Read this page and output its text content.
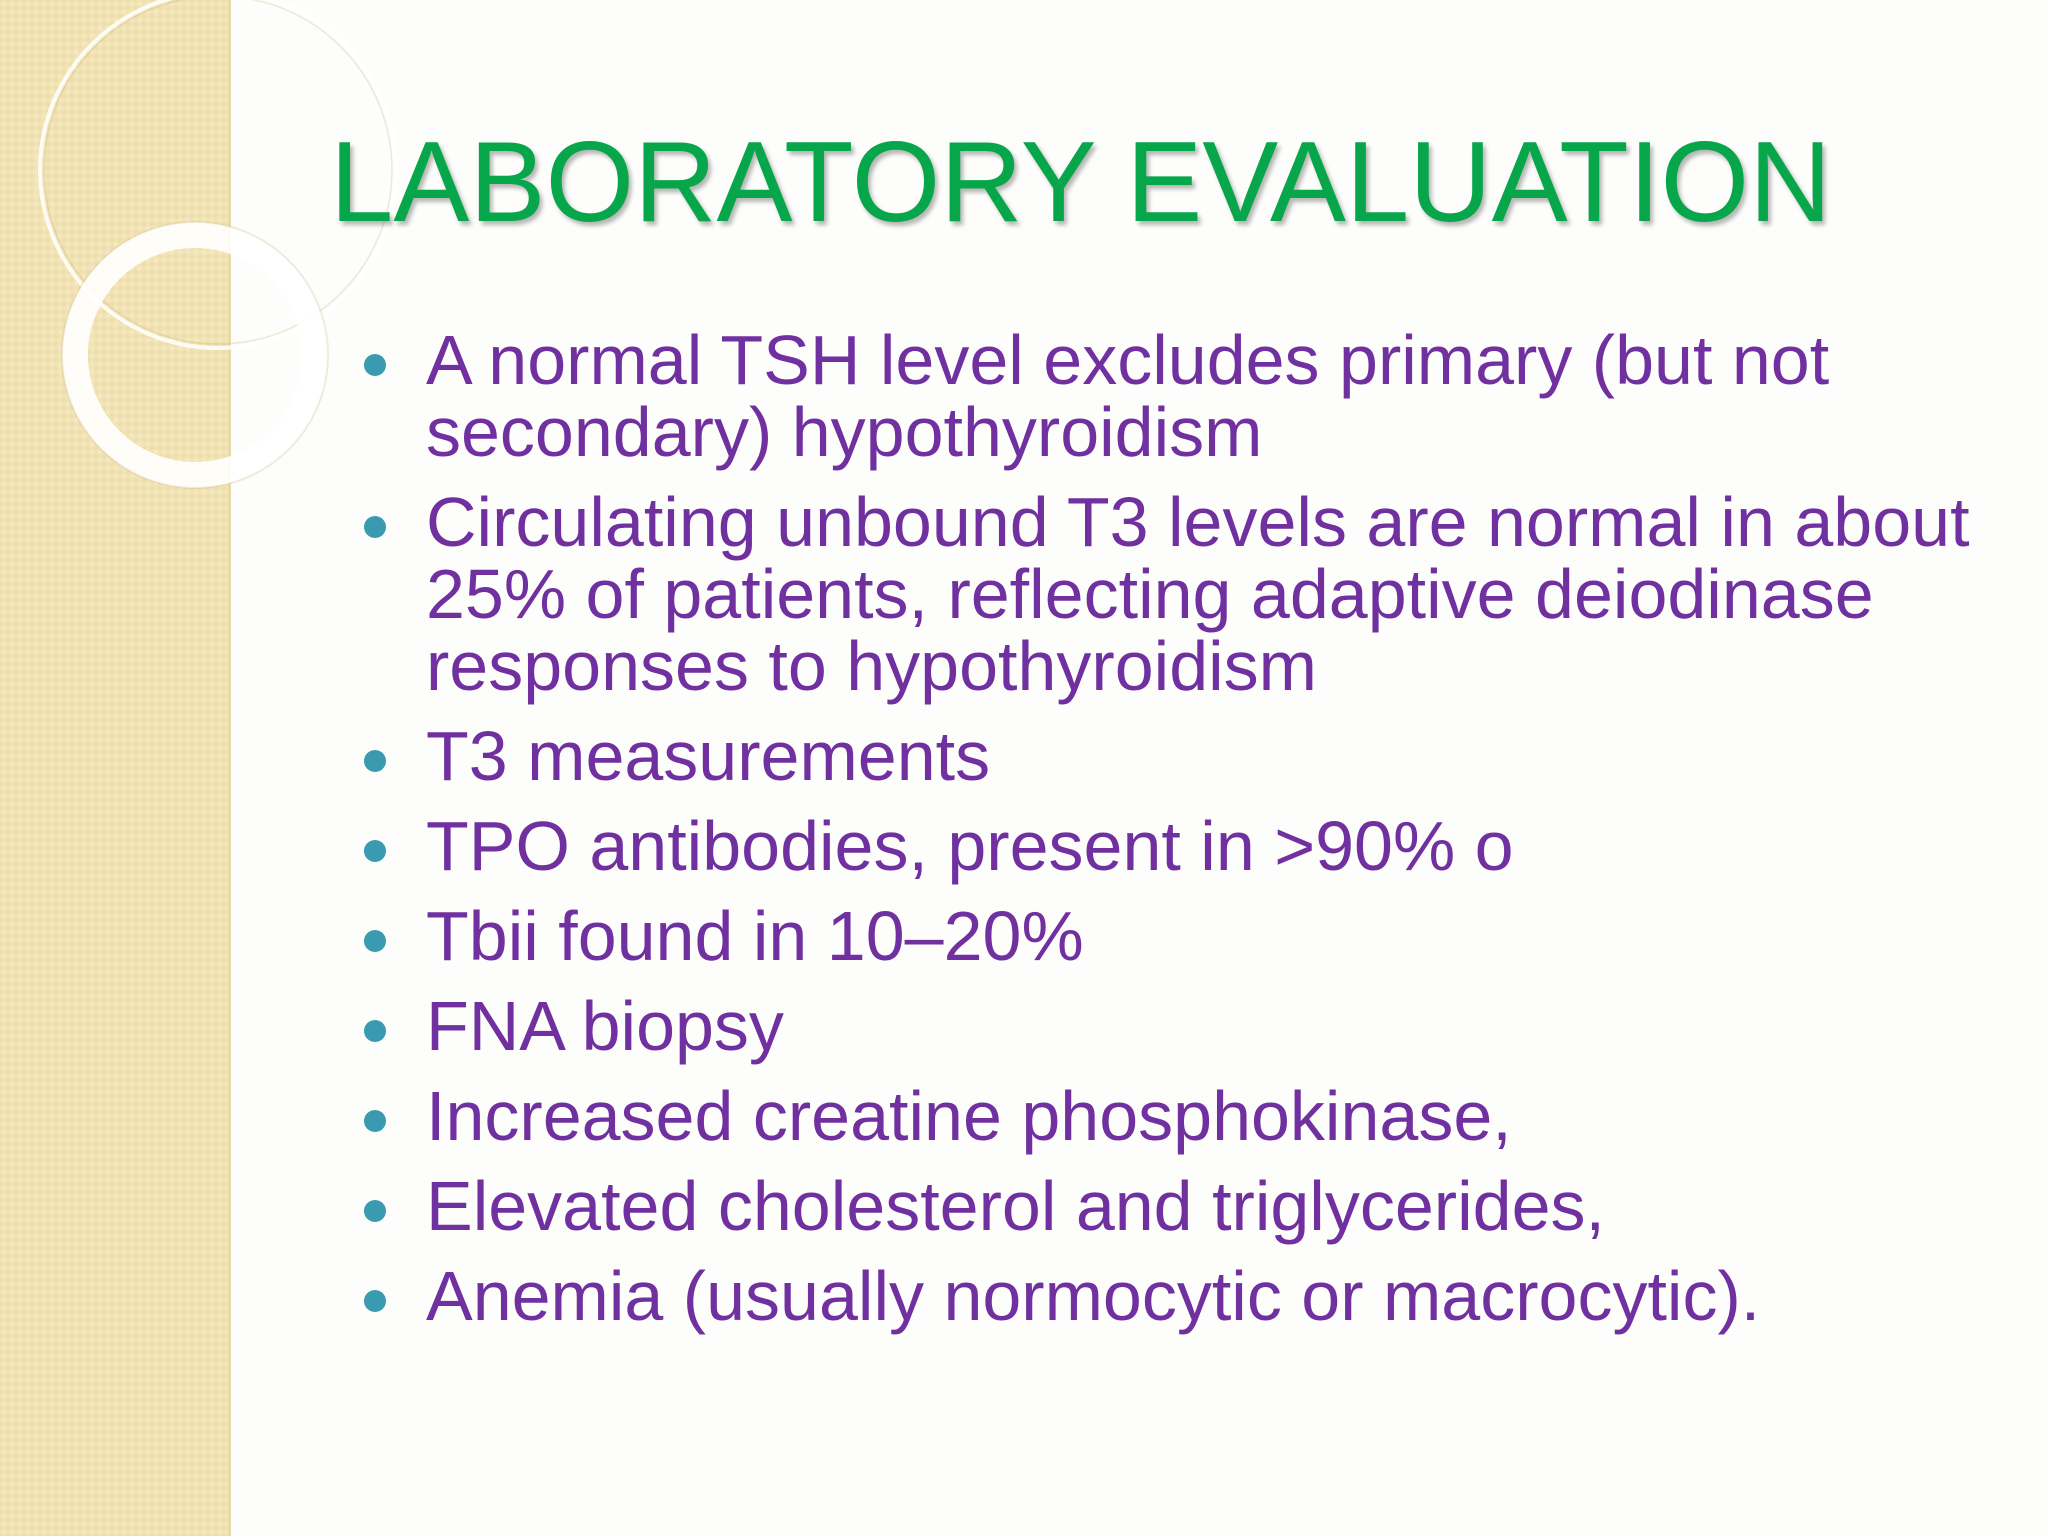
LABORATORY EVALUATION
A normal TSH level excludes primary (but not secondary) hypothyroidism
Circulating unbound T3 levels are normal in about 25% of patients, reflecting adaptive deiodinase responses to hypothyroidism
T3 measurements
TPO antibodies, present in >90% o
Tbii found in 10–20%
FNA biopsy
Increased creatine phosphokinase,
Elevated cholesterol and triglycerides,
Anemia (usually normocytic or macrocytic).
